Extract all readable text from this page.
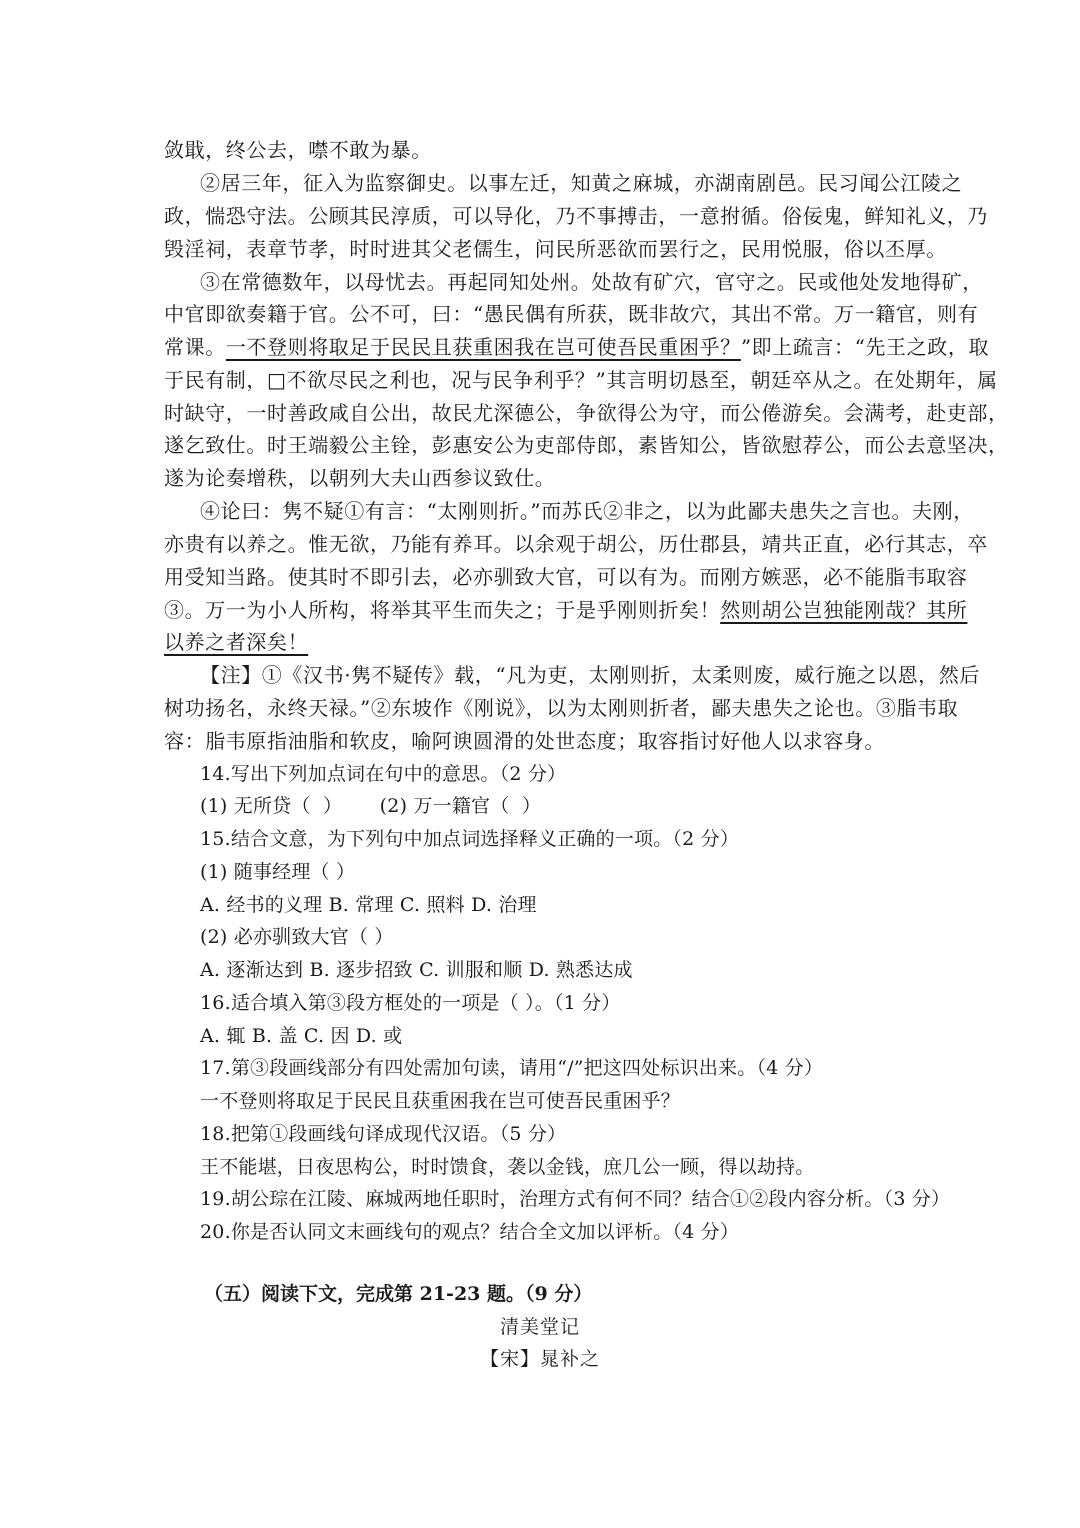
敛戢，终公去，噤不敢为暴。
②居三年，征入为监察御史。以事左迁，知黄之麻城，亦湖南剧邑。民习闻公江陵之
政，惴恐守法。公顾其民淳质，可以导化，乃不事搏击，一意拊循。俗佞鬼，鲜知礼义，乃
毁淫祠，表章节孝，时时进其父老儒生，问民所恶欲而罢行之，民用悦服，俗以丕厚。
③在常德数年，以母忧去。再起同知处州。处故有矿穴，官守之。民或他处发地得矿，
中官即欲奏籍于官。公不可，曰：“愚民偶有所获，既非故穴，其出不常。万一籍官，则有
常课。一不登则将取足于民民且获重困我在岂可使吾民重困乎？”即上疏言：“先王之政，取
于民有制，□不欲尽民之利也，况与民争利乎？”其言明切恳至，朝廷卒从之。在处期年，属
时缺守，一时善政咸自公出，故民尤深德公，争欲得公为守，而公倦游矣。会满考，赴吏部，
遂乞致仕。时王端毅公主铨，彭惠安公为吏部侍郎，素皆知公，皆欲慰荐公，而公去意坚决，
遂为论奏增秩，以朝列大夫山西参议致仕。
④论曰：隽不疑①有言：“太刚则折。”而苏氏②非之，以为此鄙夫患失之言也。夫刚，
亦贵有以养之。惟无欲，乃能有养耳。以余观于胡公，历仕郡县，靖共正直，必行其志，卒
用受知当路。使其时不即引去，必亦驯致大官，可以有为。而刚方嫉恶，必不能脂韦取容
③。万一为小人所构，将举其平生而失之；于是乎刚则折矣！然则胡公岂独能刚哉？其所
以养之者深矣！
【注】①《汉书·隽不疑传》载，“凡为吏，太刚则折，太柔则废，威行施之以恩，然后
树功扬名，永终天禄。”②东坡作《刚说》，以为太刚则折者，鄙夫患失之论也。③脂韦取
容：脂韦原指油脂和软皮，喻阿谀圆滑的处世态度；取容指讨好他人以求容身。
14.写出下列加点词在句中的意思。（2 分）
(1) 无所贷（  ）      (2) 万一籍官（  ）
15.结合文意，为下列句中加点词选择释义正确的一项。（2 分）
(1) 随事经理（ ）
A. 经书的义理 B. 常理 C. 照料 D. 治理
(2) 必亦驯致大官（ ）
A. 逐渐达到 B. 逐步招致 C. 训服和顺 D. 熟悉达成
16.适合填入第③段方框处的一项是（ ）。（1 分）
A. 辄 B. 盖 C. 因 D. 或
17.第③段画线部分有四处需加句读，请用“/”把这四处标识出来。（4 分）
一不登则将取足于民民且获重困我在岂可使吾民重困乎？
18.把第①段画线句译成现代汉语。（5 分）
王不能堪，日夜思构公，时时馈食，袭以金钱，庶几公一顾，得以劫持。
19.胡公琮在江陵、麻城两地任职时，治理方式有何不同？结合①②段内容分析。（3 分）
20.你是否认同文末画线句的观点？结合全文加以评析。（4 分）
（五）阅读下文，完成第 21-23 题。（9 分）
清美堂记
【宋】晁补之
